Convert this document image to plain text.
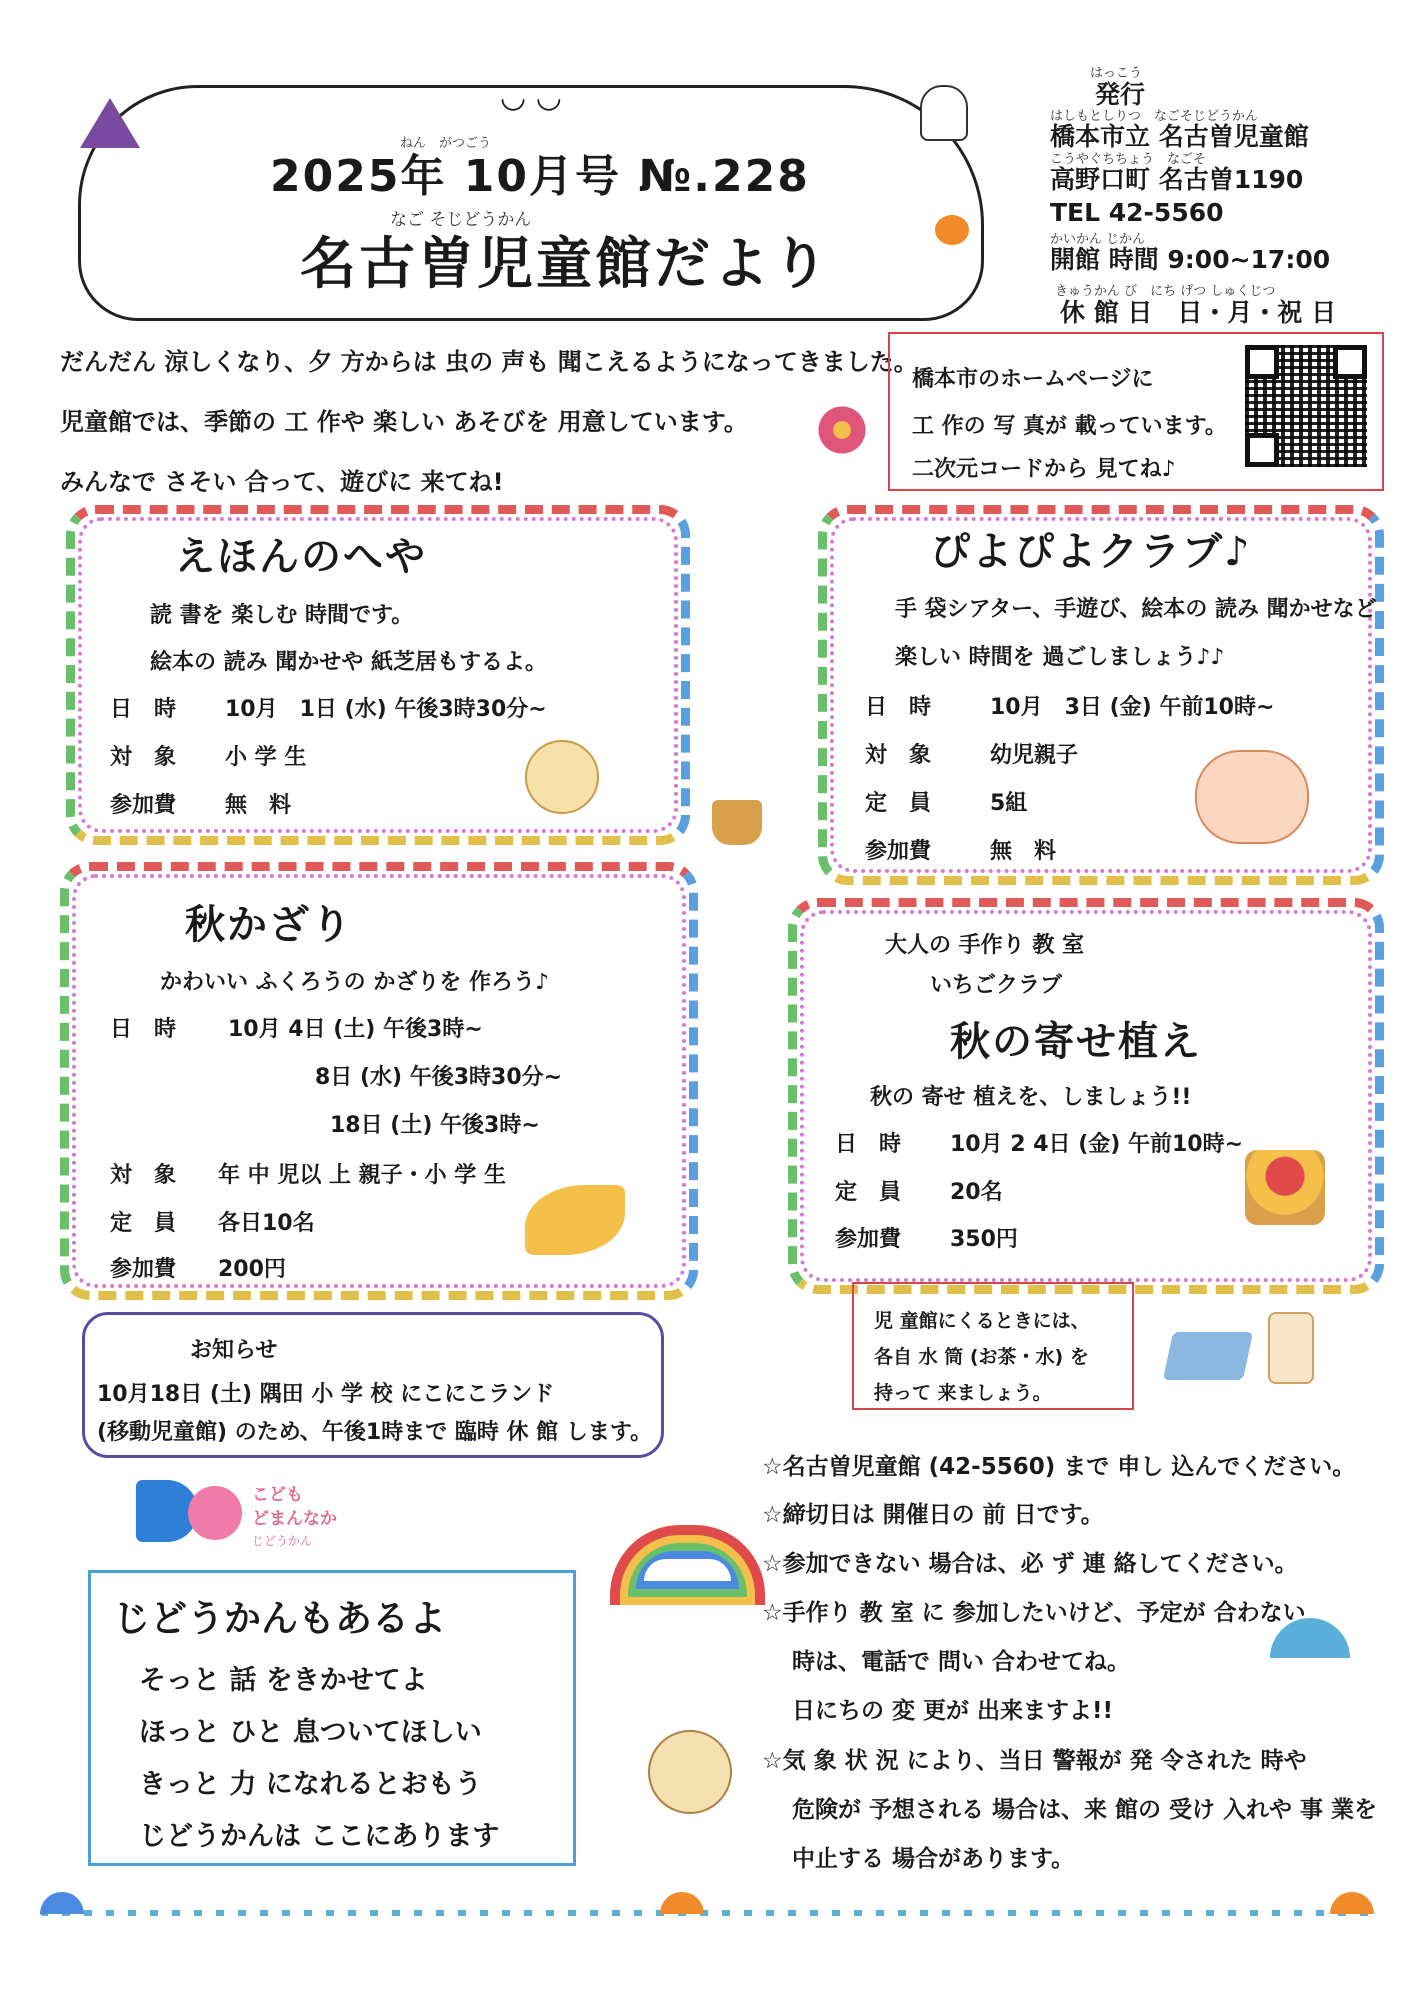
◡ ◡
ねん　がつごう
2025年 10月号 №.228
なご そじどうかん
名古曽児童館だより
はっこう
発行
はしもとしりつ　なごそじどうかん
橋本市立 名古曽児童館
こうやぐちちょう　なごそ
高野口町 名古曽1190
TEL 42-5560
かいかん じかん
開館 時間 9:00~17:00
きゅうかん び　にち げつ しゅくじつ
休 館 日　日・月・祝 日
だんだん 涼しくなり、夕 方からは 虫の 声も 聞こえるようになってきました。
児童館では、季節の 工 作や 楽しい あそびを 用意しています。
みんなで さそい 合って、遊びに 来てね!
橋本市のホームページに
工 作の 写 真が 載っています。
二次元コードから 見てね♪
えほんのへや
読 書を 楽しむ 時間です。
絵本の 読み 聞かせや 紙芝居もするよ。
日　時 10月　1日 (水) 午後3時30分~
対　象 小 学 生
参加費 無　料
ぴよぴよクラブ♪
手 袋シアター、手遊び、絵本の 読み 聞かせなど
楽しい 時間を 過ごしましょう♪♪
日　時	10月　3日 (金) 午前10時~
対　象	幼児親子
定　員	5組
参加費	無　料
秋かざり
かわいい ふくろうの かざりを 作ろう♪
日　時 10月 4日 (土) 午後3時~
8日 (水) 午後3時30分~
18日 (土) 午後3時~
対　象 年 中 児以 上 親子・小 学 生
定　員 各日10名
参加費 200円
大人の 手作り 教 室
いちごクラブ
秋の寄せ植え
秋の 寄せ 植えを、しましょう!!
日　時 10月 2 4日 (金) 午前10時~
定　員 20名
参加費 350円
お知らせ
10月18日 (土) 隅田 小 学 校 にこにこランド
(移動児童館) のため、午後1時まで 臨時 休 館 します。
児 童館にくるときには、
各自 水 筒 (お茶・水) を
持って 来ましょう。
こども
どまんなか
じどうかん
じどうかんもあるよ
そっと 話 をきかせてよ
ほっと ひと 息ついてほしい
きっと 力 になれるとおもう
じどうかんは ここにあります
☆名古曽児童館 (42-5560) まで 申し 込んでください。
☆締切日は 開催日の 前 日です。
☆参加できない 場合は、必 ず 連 絡してください。
☆手作り 教 室 に 参加したいけど、予定が 合わない
時は、電話で 問い 合わせてね。
日にちの 変 更が 出来ますよ!!
☆気 象 状 況 により、当日 警報が 発 令された 時や
危険が 予想される 場合は、来 館の 受け 入れや 事 業を
中止する 場合があります。
